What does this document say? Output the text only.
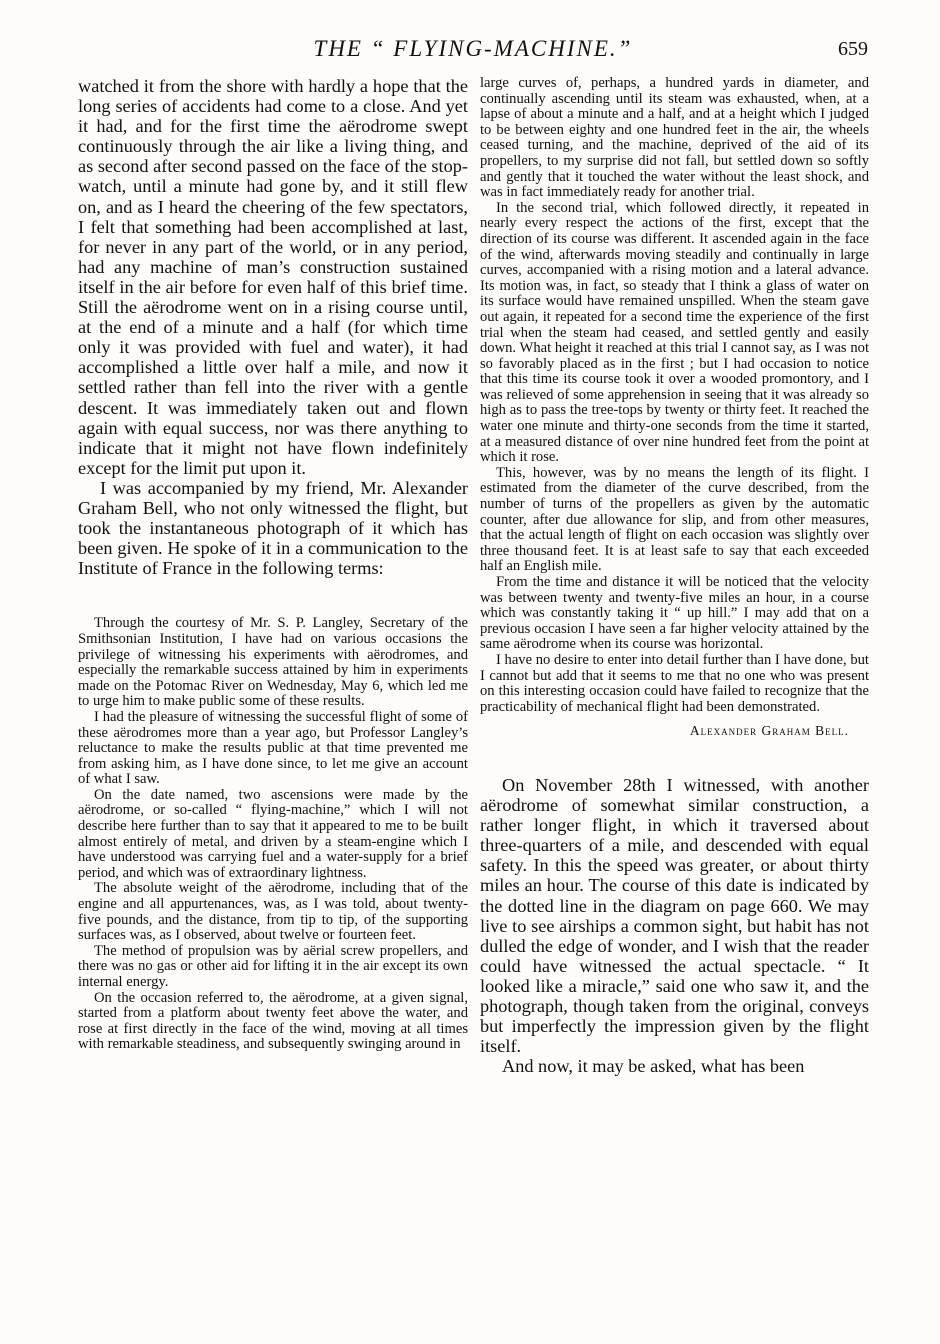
THE “ FLYING-MACHINE.”	659

watched it from the shore with hardly a hope that the long series of accidents had come to a close. And yet it had, and for the first time the aërodrome swept continuously through the air like a living thing, and as second after second passed on the face of the stop-watch, until a minute had gone by, and it still flew on, and as I heard the cheering of the few spectators, I felt that something had been accomplished at last, for never in any part of the world, or in any period, had any machine of man’s construction sustained itself in the air before for even half of this brief time. Still the aërodrome went on in a rising course until, at the end of a minute and a half (for which time only it was provided with fuel and water), it had accomplished a little over half a mile, and now it settled rather than fell into the river with a gentle descent. It was immediately taken out and flown again with equal success, nor was there anything to indicate that it might not have flown indefinitely except for the limit put upon it.

I was accompanied by my friend, Mr. Alexander Graham Bell, who not only witnessed the flight, but took the instantaneous photograph of it which has been given. He spoke of it in a communication to the Institute of France in the following terms:

Through the courtesy of Mr. S. P. Langley, Secretary of the Smithsonian Institution, I have had on various occasions the privilege of witnessing his experiments with aërodromes, and especially the remarkable success attained by him in experiments made on the Potomac River on Wednesday, May 6, which led me to urge him to make public some of these results.

I had the pleasure of witnessing the successful flight of some of these aërodromes more than a year ago, but Professor Langley’s reluctance to make the results public at that time prevented me from asking him, as I have done since, to let me give an account of what I saw.

On the date named, two ascensions were made by the aërodrome, or so-called “ flying-machine,” which I will not describe here further than to say that it appeared to me to be built almost entirely of metal, and driven by a steam-engine which I have understood was carrying fuel and a water-supply for a brief period, and which was of extraordinary lightness.

The absolute weight of the aërodrome, including that of the engine and all appurtenances, was, as I was told, about twenty-five pounds, and the distance, from tip to tip, of the supporting surfaces was, as I observed, about twelve or fourteen feet.

The method of propulsion was by aërial screw propellers, and there was no gas or other aid for lifting it in the air except its own internal energy.

On the occasion referred to, the aërodrome, at a given signal, started from a platform about twenty feet above the water, and rose at first directly in the face of the wind, moving at all times with remarkable steadiness, and subsequently swinging around in

large curves of, perhaps, a hundred yards in diameter, and continually ascending until its steam was exhausted, when, at a lapse of about a minute and a half, and at a height which I judged to be between eighty and one hundred feet in the air, the wheels ceased turning, and the machine, deprived of the aid of its propellers, to my surprise did not fall, but settled down so softly and gently that it touched the water without the least shock, and was in fact immediately ready for another trial.

In the second trial, which followed directly, it repeated in nearly every respect the actions of the first, except that the direction of its course was different. It ascended again in the face of the wind, afterwards moving steadily and continually in large curves, accompanied with a rising motion and a lateral advance. Its motion was, in fact, so steady that I think a glass of water on its surface would have remained unspilled. When the steam gave out again, it repeated for a second time the experience of the first trial when the steam had ceased, and settled gently and easily down. What height it reached at this trial I cannot say, as I was not so favorably placed as in the first ; but I had occasion to notice that this time its course took it over a wooded promontory, and I was relieved of some apprehension in seeing that it was already so high as to pass the tree-tops by twenty or thirty feet. It reached the water one minute and thirty-one seconds from the time it started, at a measured distance of over nine hundred feet from the point at which it rose.

This, however, was by no means the length of its flight. I estimated from the diameter of the curve described, from the number of turns of the propellers as given by the automatic counter, after due allowance for slip, and from other measures, that the actual length of flight on each occasion was slightly over three thousand feet. It is at least safe to say that each exceeded half an English mile.

From the time and distance it will be noticed that the velocity was between twenty and twenty-five miles an hour, in a course which was constantly taking it “ up hill.” I may add that on a previous occasion I have seen a far higher velocity attained by the same aërodrome when its course was horizontal.

I have no desire to enter into detail further than I have done, but I cannot but add that it seems to me that no one who was present on this interesting occasion could have failed to recognize that the practicability of mechanical flight had been demonstrated.

Alexander Graham Bell.

On November 28th I witnessed, with another aërodrome of somewhat similar construction, a rather longer flight, in which it traversed about three-quarters of a mile, and descended with equal safety. In this the speed was greater, or about thirty miles an hour. The course of this date is indicated by the dotted line in the diagram on page 660. We may live to see airships a common sight, but habit has not dulled the edge of wonder, and I wish that the reader could have witnessed the actual spectacle. “ It looked like a miracle,” said one who saw it, and the photograph, though taken from the original, conveys but imperfectly the impression given by the flight itself.

And now, it may be asked, what has been
